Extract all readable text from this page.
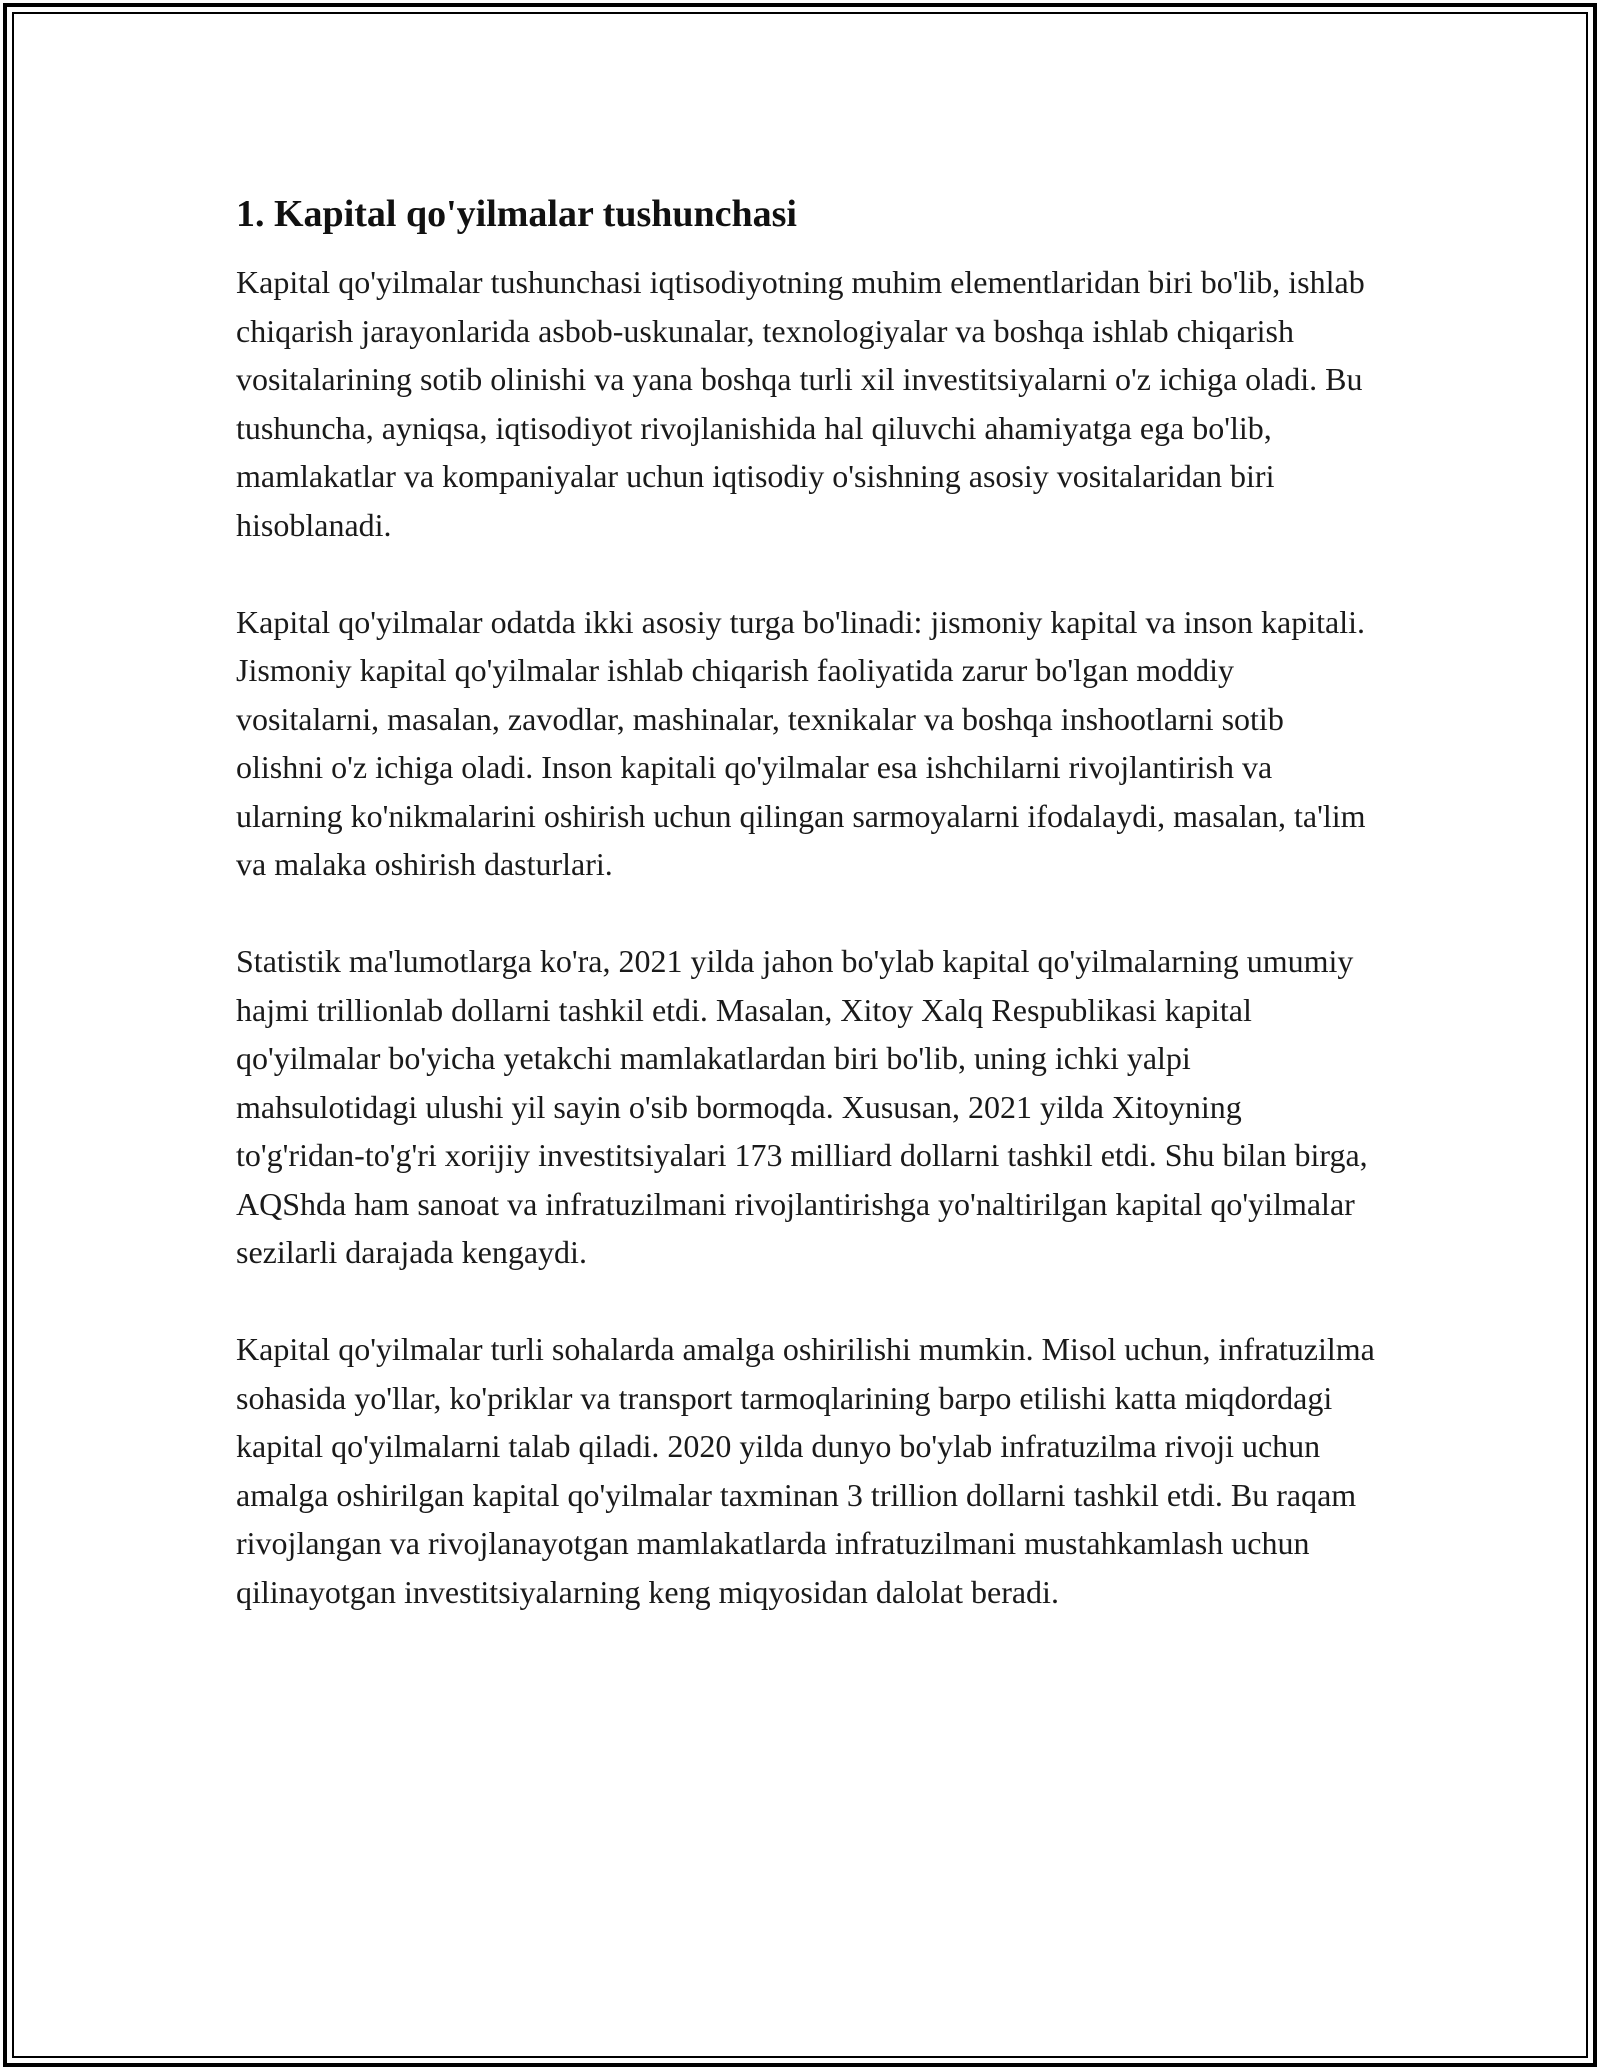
1. Kapital qo'yilmalar tushunchasi

Kapital qo'yilmalar tushunchasi iqtisodiyotning muhim elementlaridan biri bo'lib, ishlab chiqarish jarayonlarida asbob-uskunalar, texnologiyalar va boshqa ishlab chiqarish vositalarining sotib olinishi va yana boshqa turli xil investitsiyalarni o'z ichiga oladi. Bu tushuncha, ayniqsa, iqtisodiyot rivojlanishida hal qiluvchi ahamiyatga ega bo'lib, mamlakatlar va kompaniyalar uchun iqtisodiy o'sishning asosiy vositalaridan biri hisoblanadi.

Kapital qo'yilmalar odatda ikki asosiy turga bo'linadi: jismoniy kapital va inson kapitali. Jismoniy kapital qo'yilmalar ishlab chiqarish faoliyatida zarur bo'lgan moddiy vositalarni, masalan, zavodlar, mashinalar, texnikalar va boshqa inshootlarni sotib olishni o'z ichiga oladi. Inson kapitali qo'yilmalar esa ishchilarni rivojlantirish va ularning ko'nikmalarini oshirish uchun qilingan sarmoyalarni ifodalaydi, masalan, ta'lim va malaka oshirish dasturlari.

Statistik ma'lumotlarga ko'ra, 2021 yilda jahon bo'ylab kapital qo'yilmalarning umumiy hajmi trillionlab dollarni tashkil etdi. Masalan, Xitoy Xalq Respublikasi kapital qo'yilmalar bo'yicha yetakchi mamlakatlardan biri bo'lib, uning ichki yalpi mahsulotidagi ulushi yil sayin o'sib bormoqda. Xususan, 2021 yilda Xitoyning to'g'ridan-to'g'ri xorijiy investitsiyalari 173 milliard dollarni tashkil etdi. Shu bilan birga, AQShda ham sanoat va infratuzilmani rivojlantirishga yo'naltirilgan kapital qo'yilmalar sezilarli darajada kengaydi.

Kapital qo'yilmalar turli sohalarda amalga oshirilishi mumkin. Misol uchun, infratuzilma sohasida yo'llar, ko'priklar va transport tarmoqlarining barpo etilishi katta miqdordagi kapital qo'yilmalarni talab qiladi. 2020 yilda dunyo bo'ylab infratuzilma rivoji uchun amalga oshirilgan kapital qo'yilmalar taxminan 3 trillion dollarni tashkil etdi. Bu raqam rivojlangan va rivojlanayotgan mamlakatlarda infratuzilmani mustahkamlash uchun qilinayotgan investitsiyalarning keng miqyosidan dalolat beradi.
